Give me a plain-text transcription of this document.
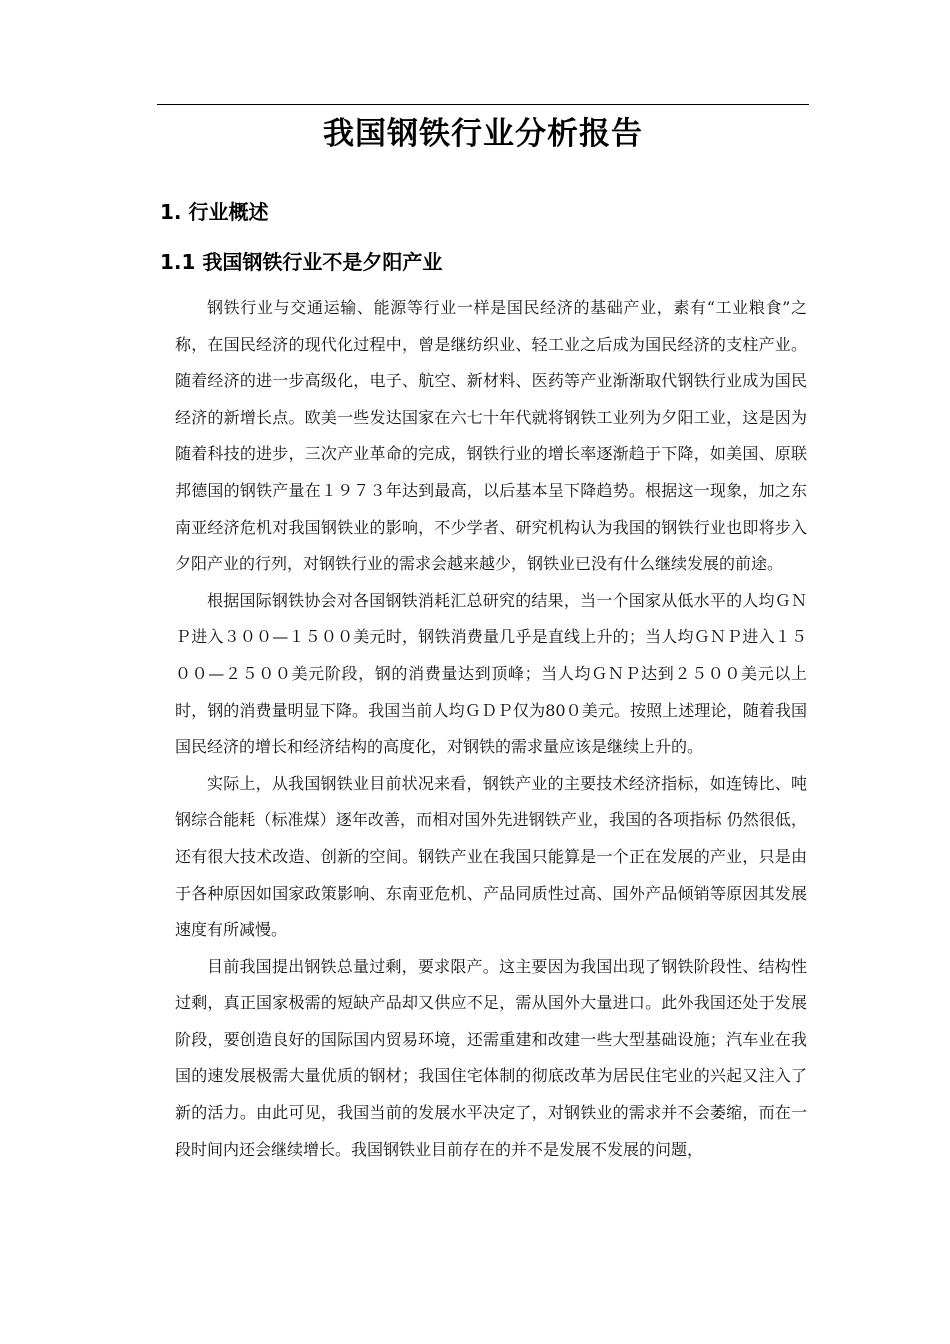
我国钢铁行业分析报告
1. 行业概述
1.1 我国钢铁行业不是夕阳产业

钢铁行业与交通运输、能源等行业一样是国民经济的基础产业，素有“工业粮食”之称，在国民经济的现代化过程中，曾是继纺织业、轻工业之后成为国民经济的支柱产业。随着经济的进一步高级化，电子、航空、新材料、医药等产业渐渐取代钢铁行业成为国民经济的新增长点。欧美一些发达国家在六七十年代就将钢铁工业列为夕阳工业，这是因为随着科技的进步，三次产业革命的完成，钢铁行业的增长率逐渐趋于下降，如美国、原联邦德国的钢铁产量在１９７３年达到最高，以后基本呈下降趋势。根据这一现象，加之东南亚经济危机对我国钢铁业的影响，不少学者、研究机构认为我国的钢铁行业也即将步入夕阳产业的行列，对钢铁行业的需求会越来越少，钢铁业已没有什么继续发展的前途。

根据国际钢铁协会对各国钢铁消耗汇总研究的结果，当一个国家从低水平的人均ＧＮＰ进入３００—１５００美元时，钢铁消费量几乎是直线上升的；当人均ＧＮＰ进入１５００—２５００美元阶段，钢的消费量达到顶峰；当人均ＧＮＰ达到２５００美元以上时，钢的消费量明显下降。我国当前人均ＧＤＰ仅为80０美元。按照上述理论，随着我国国民经济的增长和经济结构的高度化，对钢铁的需求量应该是继续上升的。

实际上，从我国钢铁业目前状况来看，钢铁产业的主要技术经济指标，如连铸比、吨钢综合能耗（标准煤）逐年改善，而相对国外先进钢铁产业，我国的各项指标 仍然很低，还有很大技术改造、创新的空间。钢铁产业在我国只能算是一个正在发展的产业，只是由于各种原因如国家政策影响、东南亚危机、产品同质性过高、国外产品倾销等原因其发展速度有所减慢。

目前我国提出钢铁总量过剩，要求限产。这主要因为我国出现了钢铁阶段性、结构性过剩，真正国家极需的短缺产品却又供应不足，需从国外大量进口。此外我国还处于发展阶段，要创造良好的国际国内贸易环境，还需重建和改建一些大型基础设施；汽车业在我国的速发展极需大量优质的钢材；我国住宅体制的彻底改革为居民住宅业的兴起又注入了新的活力。由此可见，我国当前的发展水平决定了，对钢铁业的需求并不会萎缩，而在一段时间内还会继续增长。我国钢铁业目前存在的并不是发展不发展的问题，
